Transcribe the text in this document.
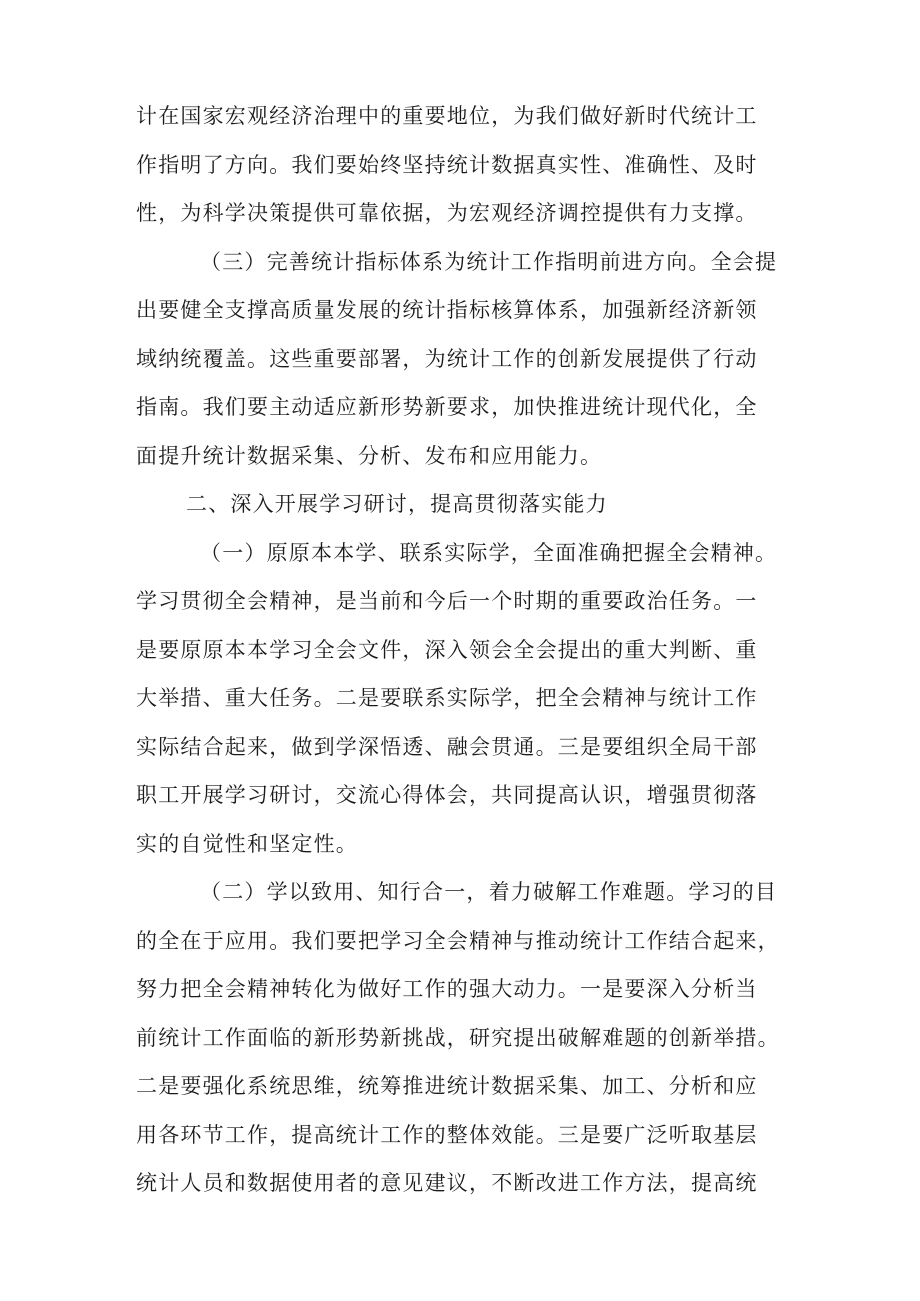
计在国家宏观经济治理中的重要地位，为我们做好新时代统计工
作指明了方向。我们要始终坚持统计数据真实性、准确性、及时
性，为科学决策提供可靠依据，为宏观经济调控提供有力支撑。
（三）完善统计指标体系为统计工作指明前进方向。全会提
出要健全支撑高质量发展的统计指标核算体系，加强新经济新领
域纳统覆盖。这些重要部署，为统计工作的创新发展提供了行动
指南。我们要主动适应新形势新要求，加快推进统计现代化，全
面提升统计数据采集、分析、发布和应用能力。
二、深入开展学习研讨，提高贯彻落实能力
（一）原原本本学、联系实际学，全面准确把握全会精神。
学习贯彻全会精神，是当前和今后一个时期的重要政治任务。一
是要原原本本学习全会文件，深入领会全会提出的重大判断、重
大举措、重大任务。二是要联系实际学，把全会精神与统计工作
实际结合起来，做到学深悟透、融会贯通。三是要组织全局干部
职工开展学习研讨，交流心得体会，共同提高认识，增强贯彻落
实的自觉性和坚定性。
（二）学以致用、知行合一，着力破解工作难题。学习的目
的全在于应用。我们要把学习全会精神与推动统计工作结合起来，
努力把全会精神转化为做好工作的强大动力。一是要深入分析当
前统计工作面临的新形势新挑战，研究提出破解难题的创新举措。
二是要强化系统思维，统筹推进统计数据采集、加工、分析和应
用各环节工作，提高统计工作的整体效能。三是要广泛听取基层
统计人员和数据使用者的意见建议，不断改进工作方法，提高统
